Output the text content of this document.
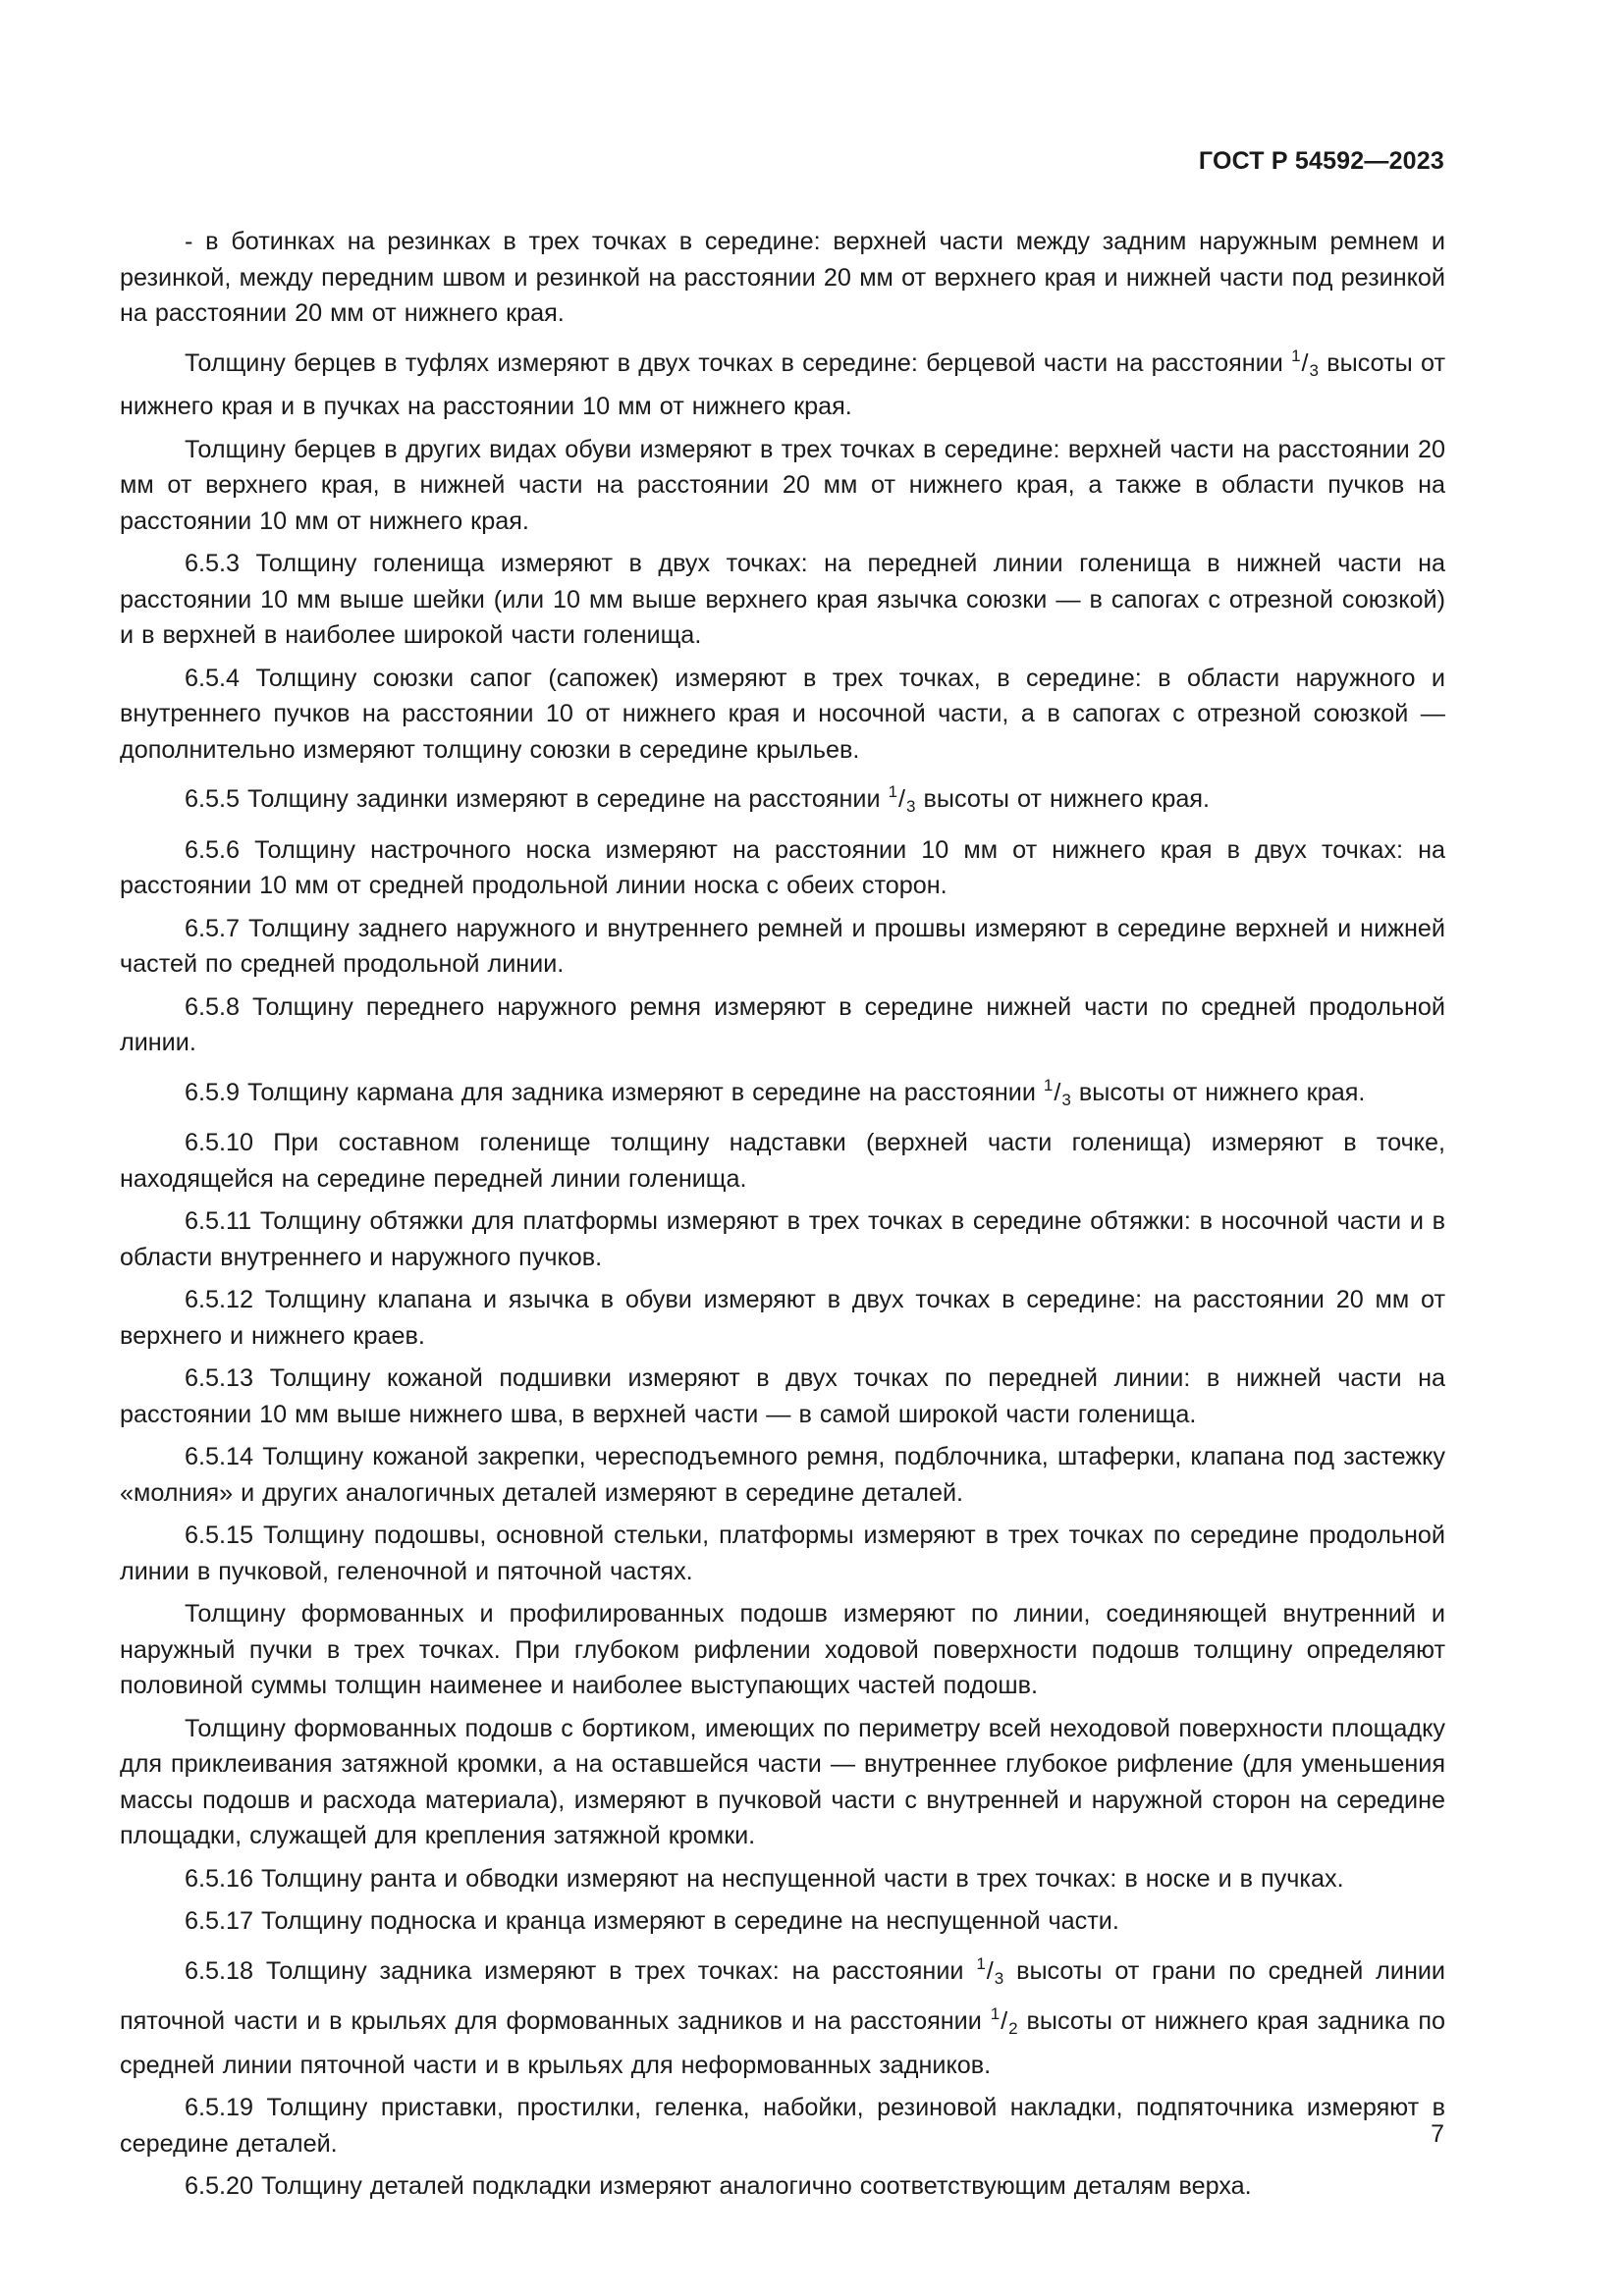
ГОСТ Р 54592—2023

- в ботинках на резинках в трех точках в середине: верхней части между задним наружным ремнем и резинкой, между передним швом и резинкой на расстоянии 20 мм от верхнего края и нижней части под резинкой на расстоянии 20 мм от нижнего края.

Толщину берцев в туфлях измеряют в двух точках в середине: берцевой части на расстоянии $^1$/3 высоты от нижнего края и в пучках на расстоянии 10 мм от нижнего края.

Толщину берцев в других видах обуви измеряют в трех точках в середине: верхней части на расстоянии 20 мм от верхнего края, в нижней части на расстоянии 20 мм от нижнего края, а также в области пучков на расстоянии 10 мм от нижнего края.

6.5.3 Толщину голенища измеряют в двух точках: на передней линии голенища в нижней части на расстоянии 10 мм выше шейки (или 10 мм выше верхнего края язычка союзки — в сапогах с отрезной союзкой) и в верхней в наиболее широкой части голенища.

6.5.4 Толщину союзки сапог (сапожек) измеряют в трех точках, в середине: в области наружного и внутреннего пучков на расстоянии 10 от нижнего края и носочной части, а в сапогах с отрезной союзкой — дополнительно измеряют толщину союзки в середине крыльев.

6.5.5 Толщину задинки измеряют в середине на расстоянии $^1$/3 высоты от нижнего края.

6.5.6 Толщину настрочного носка измеряют на расстоянии 10 мм от нижнего края в двух точках: на расстоянии 10 мм от средней продольной линии носка с обеих сторон.

6.5.7 Толщину заднего наружного и внутреннего ремней и прошвы измеряют в середине верхней и нижней частей по средней продольной линии.

6.5.8 Толщину переднего наружного ремня измеряют в середине нижней части по средней продольной линии.

6.5.9 Толщину кармана для задника измеряют в середине на расстоянии $^1$/3 высоты от нижнего края.

6.5.10 При составном голенище толщину надставки (верхней части голенища) измеряют в точке, находящейся на середине передней линии голенища.

6.5.11 Толщину обтяжки для платформы измеряют в трех точках в середине обтяжки: в носочной части и в области внутреннего и наружного пучков.

6.5.12 Толщину клапана и язычка в обуви измеряют в двух точках в середине: на расстоянии 20 мм от верхнего и нижнего краев.

6.5.13 Толщину кожаной подшивки измеряют в двух точках по передней линии: в нижней части на расстоянии 10 мм выше нижнего шва, в верхней части — в самой широкой части голенища.

6.5.14 Толщину кожаной закрепки, чересподъемного ремня, подблочника, штаферки, клапана под застежку «молния» и других аналогичных деталей измеряют в середине деталей.

6.5.15 Толщину подошвы, основной стельки, платформы измеряют в трех точках по середине продольной линии в пучковой, геленочной и пяточной частях.

Толщину формованных и профилированных подошв измеряют по линии, соединяющей внутренний и наружный пучки в трех точках. При глубоком рифлении ходовой поверхности подошв толщину определяют половиной суммы толщин наименее и наиболее выступающих частей подошв.

Толщину формованных подошв с бортиком, имеющих по периметру всей неходовой поверхности площадку для приклеивания затяжной кромки, а на оставшейся части — внутреннее глубокое рифление (для уменьшения массы подошв и расхода материала), измеряют в пучковой части с внутренней и наружной сторон на середине площадки, служащей для крепления затяжной кромки.

6.5.16 Толщину ранта и обводки измеряют на неспущенной части в трех точках: в носке и в пучках.

6.5.17 Толщину подноска и кранца измеряют в середине на неспущенной части.

6.5.18 Толщину задника измеряют в трех точках: на расстоянии $^1$/3 высоты от грани по средней линии пяточной части и в крыльях для формованных задников и на расстоянии $^1$/2 высоты от нижнего края задника по средней линии пяточной части и в крыльях для неформованных задников.

6.5.19 Толщину приставки, простилки, геленка, набойки, резиновой накладки, подпяточника измеряют в середине деталей.

6.5.20 Толщину деталей подкладки измеряют аналогично соответствующим деталям верха.

7
